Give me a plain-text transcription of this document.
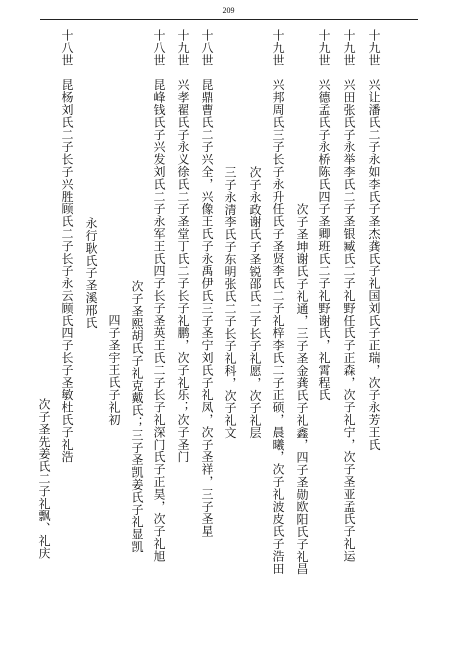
209
十九世　兴让潘氏二子永如李氏子圣杰龚氏子礼国刘氏子正瑞，次子永芳王氏
十九世　兴田张氏子永举李氏二子圣银臧氏二子礼野任氏子正森，次子礼宁，次子圣亚孟氏子礼运
十九世　兴德孟氏子永桥陈氏四子圣卿班氏二子礼野谢氏，礼霄程氏
次子圣坤谢氏子礼通，三子圣金龚氏子礼鑫，四子圣勋欧阳氏子礼昌
十九世　兴邦周氏三子长子永升任氏子圣贤李氏二子礼梓李氏二子正硕，晨曦，次子礼波皮氏子浩田
次子永政谢氏子圣锐邵氏二子长子礼愿，次子礼层
三子永清李氏子东明张氏二子长子礼科，次子礼文
十八世　昆鼎曹氏二子兴全，兴像王氏子永禹伊氏三子圣宁刘氏子礼凤，次子圣祥，三子圣星
十九世　兴孝翟氏子永义徐氏二子圣堂丁氏二子长子礼鹏，次子礼乐；次子圣门
十八世　昆峰钱氏子兴发刘氏二子永军王氏四子长子圣英王氏二子长子礼深门氏子正昊，次子礼旭
次子圣熙胡氏子礼克戴氏；三子圣凯姜氏子礼显凯
四子圣宇王氏子礼初
永行耿氏子圣溪邢氏
十八世　昆杨刘氏二子长子兴胜顾氏二子长子永云顾氏四子长子圣敏杜氏子礼浩
次子圣先姜氏二子礼飘、礼庆
